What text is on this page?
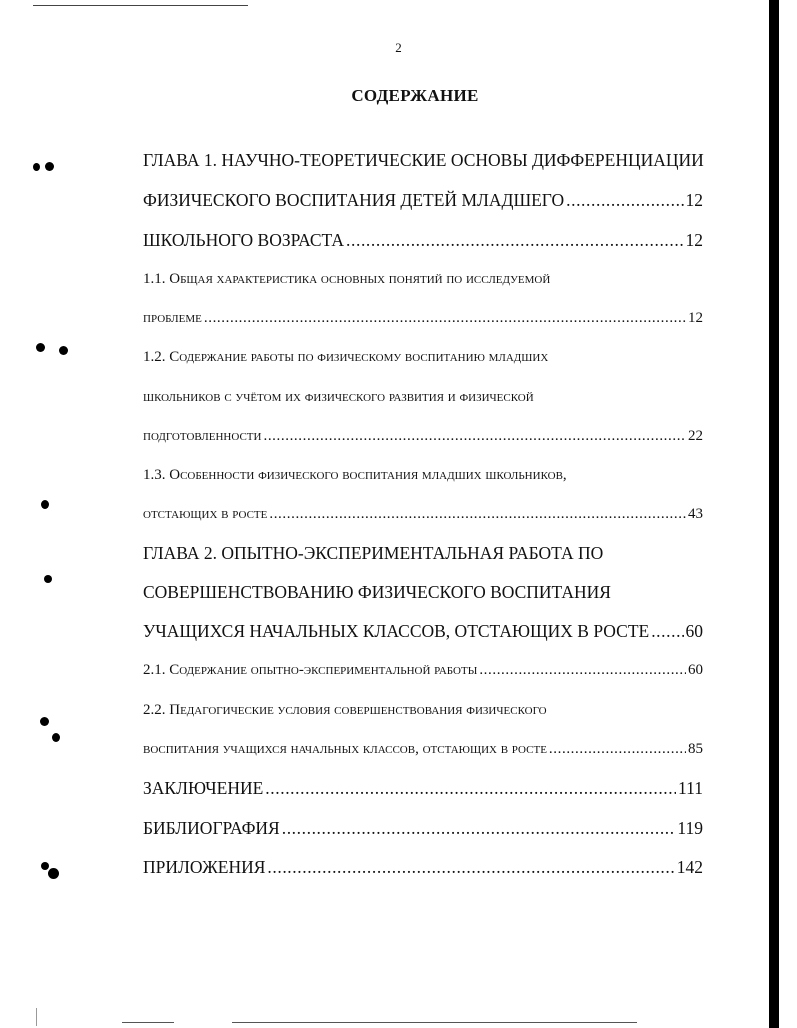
2
СОДЕРЖАНИЕ
ГЛАВА 1. НАУЧНО-ТЕОРЕТИЧЕСКИЕ ОСНОВЫ ДИФФЕРЕНЦИАЦИИ
ФИЗИЧЕСКОГО ВОСПИТАНИЯ ДЕТЕЙ МЛАДШЕГО .....	12
ШКОЛЬНОГО ВОЗРАСТА .....	12
1.1. Общая характеристика основных понятий по исследуемой
проблеме .....	12
1.2. Содержание работы по физическому воспитанию младших
школьников с учётом их физического развития и физической
подготовленности .....	22
1.3. Особенности физического воспитания младших школьников,
отстающих в росте .....	43
ГЛАВА 2. ОПЫТНО-ЭКСПЕРИМЕНТАЛЬНАЯ РАБОТА ПО
СОВЕРШЕНСТВОВАНИЮ ФИЗИЧЕСКОГО ВОСПИТАНИЯ
УЧАЩИХСЯ НАЧАЛЬНЫХ КЛАССОВ, ОТСТАЮЩИХ В РОСТЕ ..... 60
2.1. Содержание опытно-экспериментальной работы .....	60
2.2. Педагогические условия совершенствования физического
воспитания учащихся начальных классов, отстающих в росте .....	85
ЗАКЛЮЧЕНИЕ .....	111
БИБЛИОГРАФИЯ .....	119
ПРИЛОЖЕНИЯ .....	142
